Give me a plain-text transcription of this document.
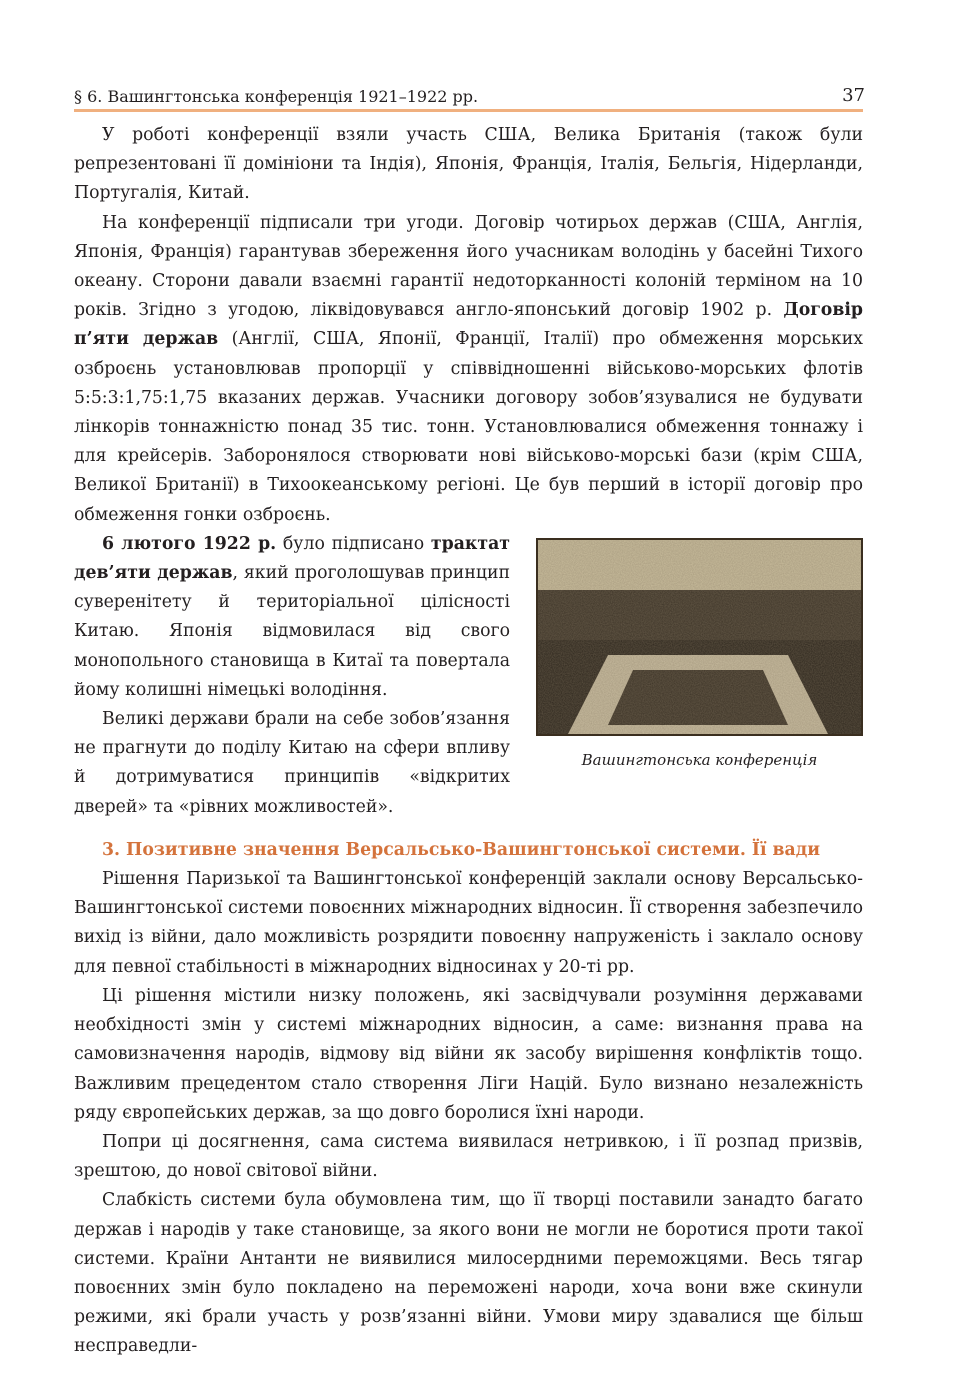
§ 6. Вашингтонська конференція 1921–1922 рр.	37

У роботі конференції взяли участь США, Велика Британія (також були репрезентовані її домініони та Індія), Японія, Франція, Італія, Бельгія, Нідерланди, Португалія, Китай.

На конференції підписали три угоди. Договір чотирьох держав (США, Англія, Японія, Франція) гарантував збереження його учасникам володінь у басейні Тихого океану. Сторони давали взаємні гарантії недоторканності колоній терміном на 10 років. Згідно з угодою, ліквідовувався англо-японський договір 1902 р. Договір п’яти держав (Англії, США, Японії, Франції, Італії) про обмеження морських озброєнь установлював пропорції у співвідношенні військово-морських флотів 5:5:3:1,75:1,75 вказаних держав. Учасники договору зобов’язувалися не будувати лінкорів тоннажністю понад 35 тис. тонн. Установлювалися обмеження тоннажу і для крейсерів. Заборонялося створювати нові військово-морські бази (крім США, Великої Британії) в Тихоокеанському регіоні. Це був перший в історії договір про обмеження гонки озброєнь.

Вашингтонська конференція

6 лютого 1922 р. було підписано трактат дев’яти держав, який проголошував принцип суверенітету й територіальної цілісності Китаю. Японія відмовилася від свого монопольного становища в Китаї та повертала йому колишні німецькі володіння.

Великі держави брали на себе зобов’язання не прагнути до поділу Китаю на сфери впливу й дотримуватися принципів «відкритих дверей» та «рівних можливостей».

3. Позитивне значення Версальсько-Вашингтонської системи. Її вади

Рішення Паризької та Вашингтонської конференцій заклали основу Версальсько-Вашингтонської системи повоєнних міжнародних відносин. Її створення забезпечило вихід із війни, дало можливість розрядити повоєнну напруженість і заклало основу для певної стабільності в міжнародних відносинах у 20-ті рр.

Ці рішення містили низку положень, які засвідчували розуміння державами необхідності змін у системі міжнародних відносин, а саме: визнання права на самовизначення народів, відмову від війни як засобу вирішення конфліктів тощо. Важливим прецедентом стало створення Ліги Націй. Було визнано незалежність ряду європейських держав, за що довго боролися їхні народи.

Попри ці досягнення, сама система виявилася нетривкою, і її розпад призвів, зрештою, до нової світової війни.

Слабкість системи була обумовлена тим, що її творці поставили занадто багато держав і народів у таке становище, за якого вони не могли не боротися проти такої системи. Країни Антанти не виявилися милосердними переможцями. Весь тягар повоєнних змін було покладено на переможені народи, хоча вони вже скинули режими, які брали участь у розв’язанні війни. Умови миру здавалися ще більш несправедли-
